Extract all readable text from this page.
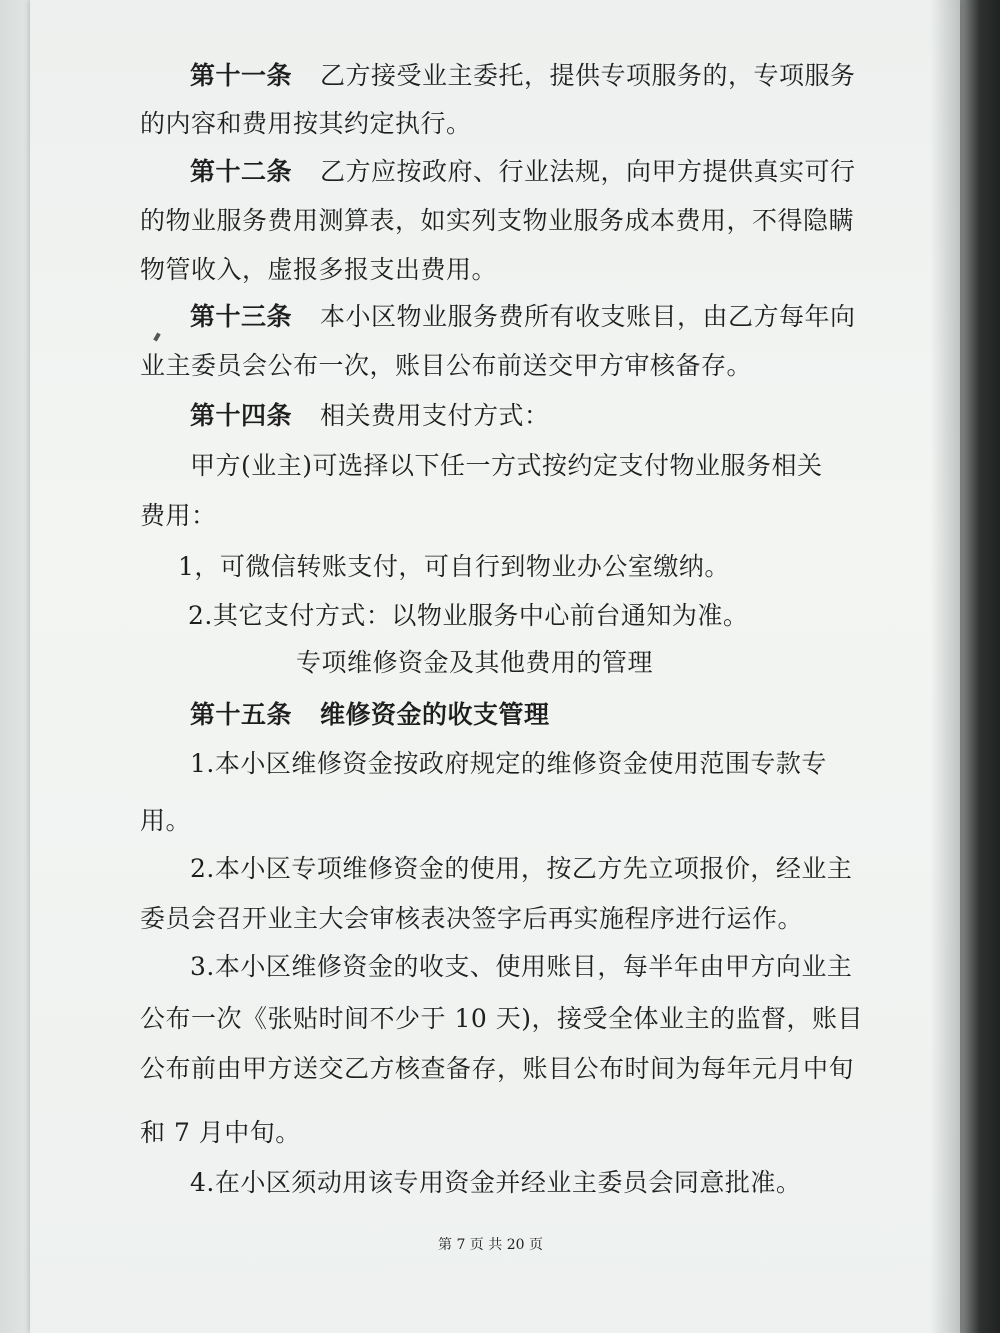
第十一条 乙方接受业主委托，提供专项服务的，专项服务
的内容和费用按其约定执行。
第十二条 乙方应按政府、行业法规，向甲方提供真实可行
的物业服务费用测算表，如实列支物业服务成本费用，不得隐瞒
物管收入，虚报多报支出费用。
第十三条 本小区物业服务费所有收支账目，由乙方每年向
业主委员会公布一次，账目公布前送交甲方审核备存。
第十四条 相关费用支付方式：
甲方(业主)可选择以下任一方式按约定支付物业服务相关
费用：
1，可微信转账支付，可自行到物业办公室缴纳。
2.其它支付方式：以物业服务中心前台通知为准。
专项维修资金及其他费用的管理
第十五条 维修资金的收支管理
1.本小区维修资金按政府规定的维修资金使用范围专款专
用。
2.本小区专项维修资金的使用，按乙方先立项报价，经业主
委员会召开业主大会审核表决签字后再实施程序进行运作。
3.本小区维修资金的收支、使用账目，每半年由甲方向业主
公布一次《张贴时间不少于 10 天)，接受全体业主的监督，账目
公布前由甲方送交乙方核查备存，账目公布时间为每年元月中旬
和 7 月中旬。
4.在小区须动用该专用资金并经业主委员会同意批准。
第 7 页 共 20 页
